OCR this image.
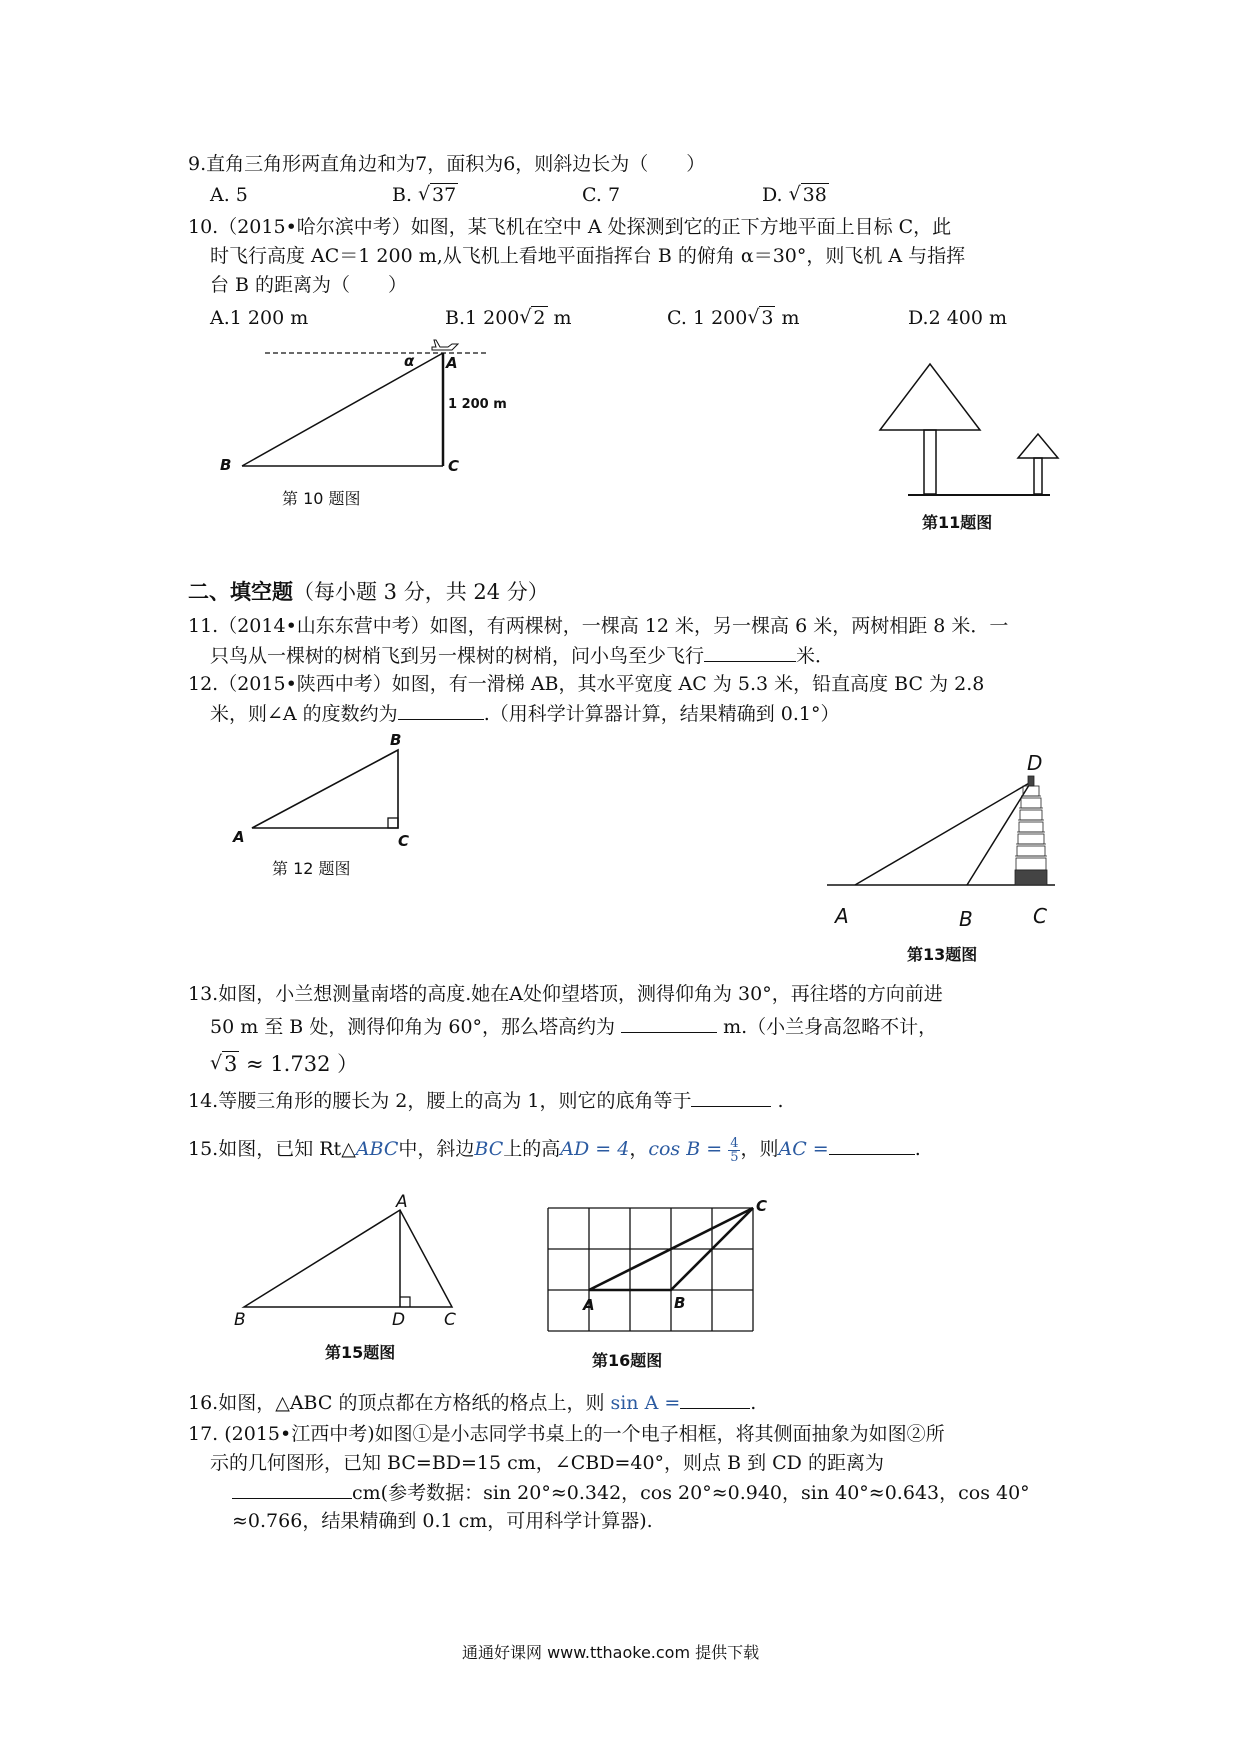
9.直角三角形两直角边和为7，面积为6，则斜边长为（　　）
A. 5	B. √ 37	C. 7	D. √ 38
10.（2015•哈尔滨中考）如图，某飞机在空中 A 处探测到它的正下方地平面上目标 C，此
时飞行高度 AC＝1 200 m,从飞机上看地平面指挥台 B 的俯角 α＝30°，则飞机 A 与指挥
台 B 的距离为（　　）
A.1 200 m	B.1 200 √ 2 m	C. 1 200 √ 3 m	D.2 400 m
α A
1 200 m
B	C
第 10 题图
第11题图
二、填空题（每小题 3 分，共 24 分）
11.（2014•山东东营中考）如图，有两棵树，一棵高 12 米，另一棵高 6 米，两树相距 8 米．一
只鸟从一棵树的树梢飞到另一棵树的树梢，问小鸟至少飞行	米．
12.（2015•陕西中考）如图，有一滑梯 AB，其水平宽度 AC 为 5.3 米，铅直高度 BC 为 2.8
米，则∠A 的度数约为	.（用科学计算器计算，结果精确到 0.1°）
B
A	C
第 12 题图
D
A	B	C
第13题图
13.如图，小兰想测量南塔的高度.她在A处仰望塔顶，测得仰角为 30°，再往塔的方向前进
50 m 至 B 处，测得仰角为 60°，那么塔高约为	m.（小兰身高忽略不计，
√ 3 ≈ 1.732 ）
14.等腰三角形的腰长为 2，腰上的高为 1，则它的底角等于	.
15.如图，已知 Rt△ABC中，斜边BC上的高AD = 4，$\cos B = \frac{4}{5}$ ，则AC =	.
A
B	D C
第15题图
A	B
C
第16题图
16.如图，△ABC 的顶点都在方格纸的格点上，则 sin A =	.
17. (2015•江西中考)如图①是小志同学书桌上的一个电子相框，将其侧面抽象为如图②所
示的几何图形，已知 BC=BD=15 cm，∠CBD=40°，则点 B 到 CD 的距离为
cm(参考数据：sin 20°≈0.342，cos 20°≈0.940，sin 40°≈0.643，cos 40°
≈0.766，结果精确到 0.1 cm，可用科学计算器).
通通好课网 www.tthaoke.com 提供下载
